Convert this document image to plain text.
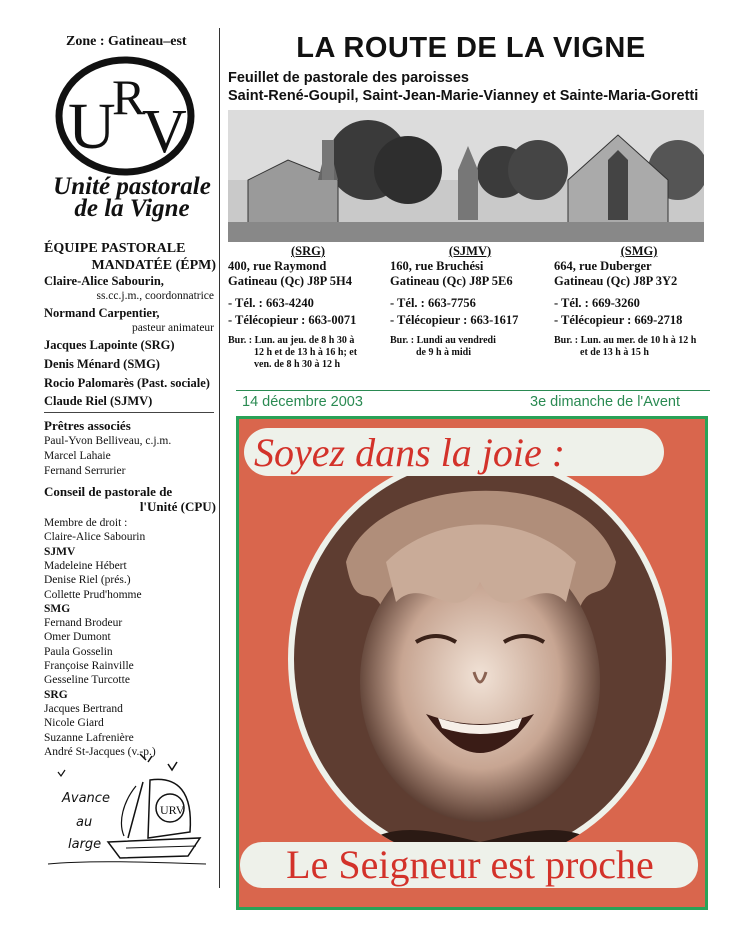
Zone : Gatineau–est
U
R
V
Unité pastorale
de la Vigne
ÉQUIPE PASTORALE
MANDATÉE (ÉPM)
Claire-Alice Sabourin,
ss.cc.j.m., coordonnatrice
Normand Carpentier,
pasteur animateur
Jacques Lapointe (SRG)
Denis Ménard (SMG)
Rocio Palomarès (Past. sociale)
Claude Riel (SJMV)
Prêtres associés
Paul-Yvon Belliveau, c.j.m.
Marcel Lahaie
Fernand Serrurier
Conseil de pastorale de
l'Unité (CPU)
Membre de droit :
Claire-Alice Sabourin
SJMV
Madeleine Hébert
Denise Riel (prés.)
Collette Prud'homme
SMG
Fernand Brodeur
Omer Dumont
Paula Gosselin
Françoise Rainville
Gesseline Turcotte
SRG
Jacques Bertrand
Nicole Giard
Suzanne Lafrenière
André St-Jacques (v.-p.)
URV
Avance
au
large
LA ROUTE DE LA VIGNE
Feuillet de pastorale des paroisses
Saint-René-Goupil, Saint-Jean-Marie-Vianney et Sainte-Maria-Goretti
(SRG)
400, rue Raymond
Gatineau (Qc) J8P 5H4
- Tél. : 663-4240
- Télécopieur : 663-0071
Bur. : Lun. au jeu. de 8 h 30 à
12 h et de 13 h à 16 h; et
ven. de 8 h 30 à 12 h
(SJMV)
160, rue Bruchési
Gatineau (Qc) J8P 5E6
- Tél. : 663-7756
- Télécopieur : 663-1617
Bur. : Lundi au vendredi
de 9 h à midi
(SMG)
664, rue Duberger
Gatineau (Qc) J8P 3Y2
- Tél. : 669-3260
- Télécopieur : 669-2718
Bur. : Lun. au mer. de 10 h à 12 h
et de 13 h à 15 h
14 décembre 2003	3e dimanche de l'Avent
Soyez dans la joie :
Le Seigneur est proche
